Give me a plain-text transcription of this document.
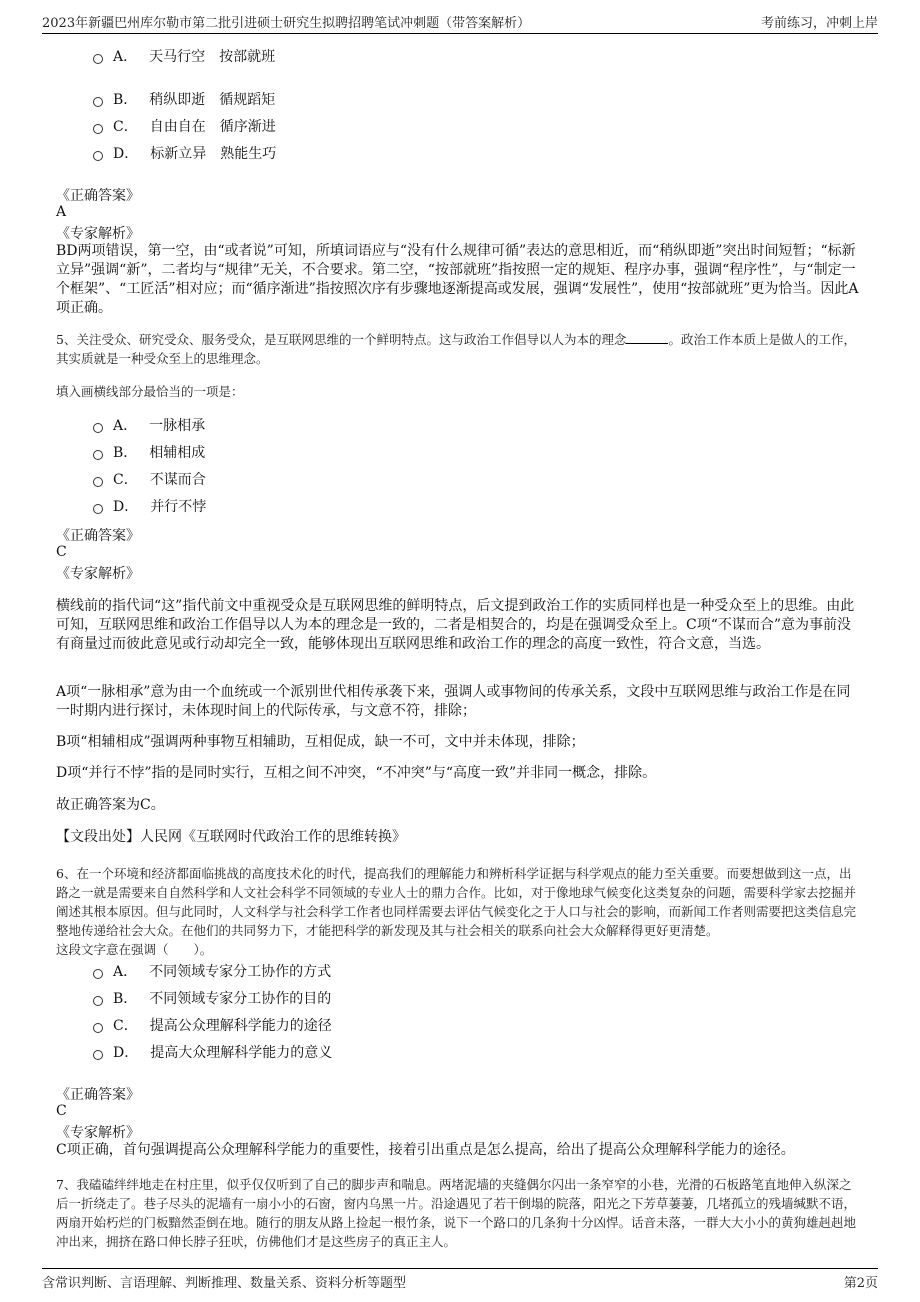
2023年新疆巴州库尔勒市第二批引进硕士研究生拟聘招聘笔试冲刺题（带答案解析）	考前练习，冲刺上岸
A． 天马行空　按部就班
B． 稍纵即逝　循规蹈矩
C． 自由自在　循序渐进
D． 标新立异　熟能生巧
《正确答案》
A
《专家解析》
BD两项错误，第一空，由“或者说”可知，所填词语应与“没有什么规律可循”表达的意思相近，而“稍纵即逝”突出时间短暂；“标新立异”强调“新”，二者均与“规律”无关，不合要求。第二空，“按部就班”指按照一定的规矩、程序办事，强调“程序性”，与“制定一个框架”、“工匠活”相对应；而“循序渐进”指按照次序有步骤地逐渐提高或发展，强调“发展性”，使用“按部就班”更为恰当。因此A项正确。
5、关注受众、研究受众、服务受众，是互联网思维的一个鲜明特点。这与政治工作倡导以人为本的理念	。政治工作本质上是做人的工作，其实质就是一种受众至上的思维理念。
填入画横线部分最恰当的一项是：
A． 一脉相承
B． 相辅相成
C． 不谋而合
D． 并行不悖
《正确答案》
C
《专家解析》
横线前的指代词“这”指代前文中重视受众是互联网思维的鲜明特点，后文提到政治工作的实质同样也是一种受众至上的思维。由此可知，互联网思维和政治工作倡导以人为本的理念是一致的，二者是相契合的，均是在强调受众至上。C项“不谋而合”意为事前没有商量过而彼此意见或行动却完全一致，能够体现出互联网思维和政治工作的理念的高度一致性，符合文意，当选。
A项“一脉相承”意为由一个血统或一个派别世代相传承袭下来，强调人或事物间的传承关系，文段中互联网思维与政治工作是在同一时期内进行探讨，未体现时间上的代际传承，与文意不符，排除；
B项“相辅相成”强调两种事物互相辅助，互相促成，缺一不可，文中并未体现，排除；
D项“并行不悖”指的是同时实行，互相之间不冲突，“不冲突”与“高度一致”并非同一概念，排除。
故正确答案为C。
【文段出处】人民网《互联网时代政治工作的思维转换》
6、在一个环境和经济都面临挑战的高度技术化的时代，提高我们的理解能力和辨析科学证据与科学观点的能力至关重要。而要想做到这一点，出路之一就是需要来自自然科学和人文社会科学不同领域的专业人士的鼎力合作。比如，对于像地球气候变化这类复杂的问题，需要科学家去挖掘并阐述其根本原因。但与此同时，人文科学与社会科学工作者也同样需要去评估气候变化之于人口与社会的影响，而新闻工作者则需要把这类信息完整地传递给社会大众。在他们的共同努力下，才能把科学的新发现及其与社会相关的联系向社会大众解释得更好更清楚。
这段文字意在强调（　　）。
A． 不同领域专家分工协作的方式
B． 不同领域专家分工协作的目的
C． 提高公众理解科学能力的途径
D． 提高大众理解科学能力的意义
《正确答案》
C
《专家解析》
C项正确，首句强调提高公众理解科学能力的重要性，接着引出重点是怎么提高，给出了提高公众理解科学能力的途径。
7、我磕磕绊绊地走在村庄里，似乎仅仅听到了自己的脚步声和喘息。两堵泥墙的夹缝偶尔闪出一条窄窄的小巷，光滑的石板路笔直地伸入纵深之后一折绕走了。巷子尽头的泥墙有一扇小小的石窗，窗内乌黑一片。沿途遇见了若干倒塌的院落，阳光之下芳草萋萋，几堵孤立的残墙缄默不语，两扇开始朽烂的门板黯然歪倒在地。随行的朋友从路上捡起一根竹条，说下一个路口的几条狗十分凶悍。话音未落，一群大大小小的黄狗雄赳赳地冲出来，拥挤在路口伸长脖子狂吠，仿佛他们才是这些房子的真正主人。
含常识判断、言语理解、判断推理、数量关系、资料分析等题型	第2页
